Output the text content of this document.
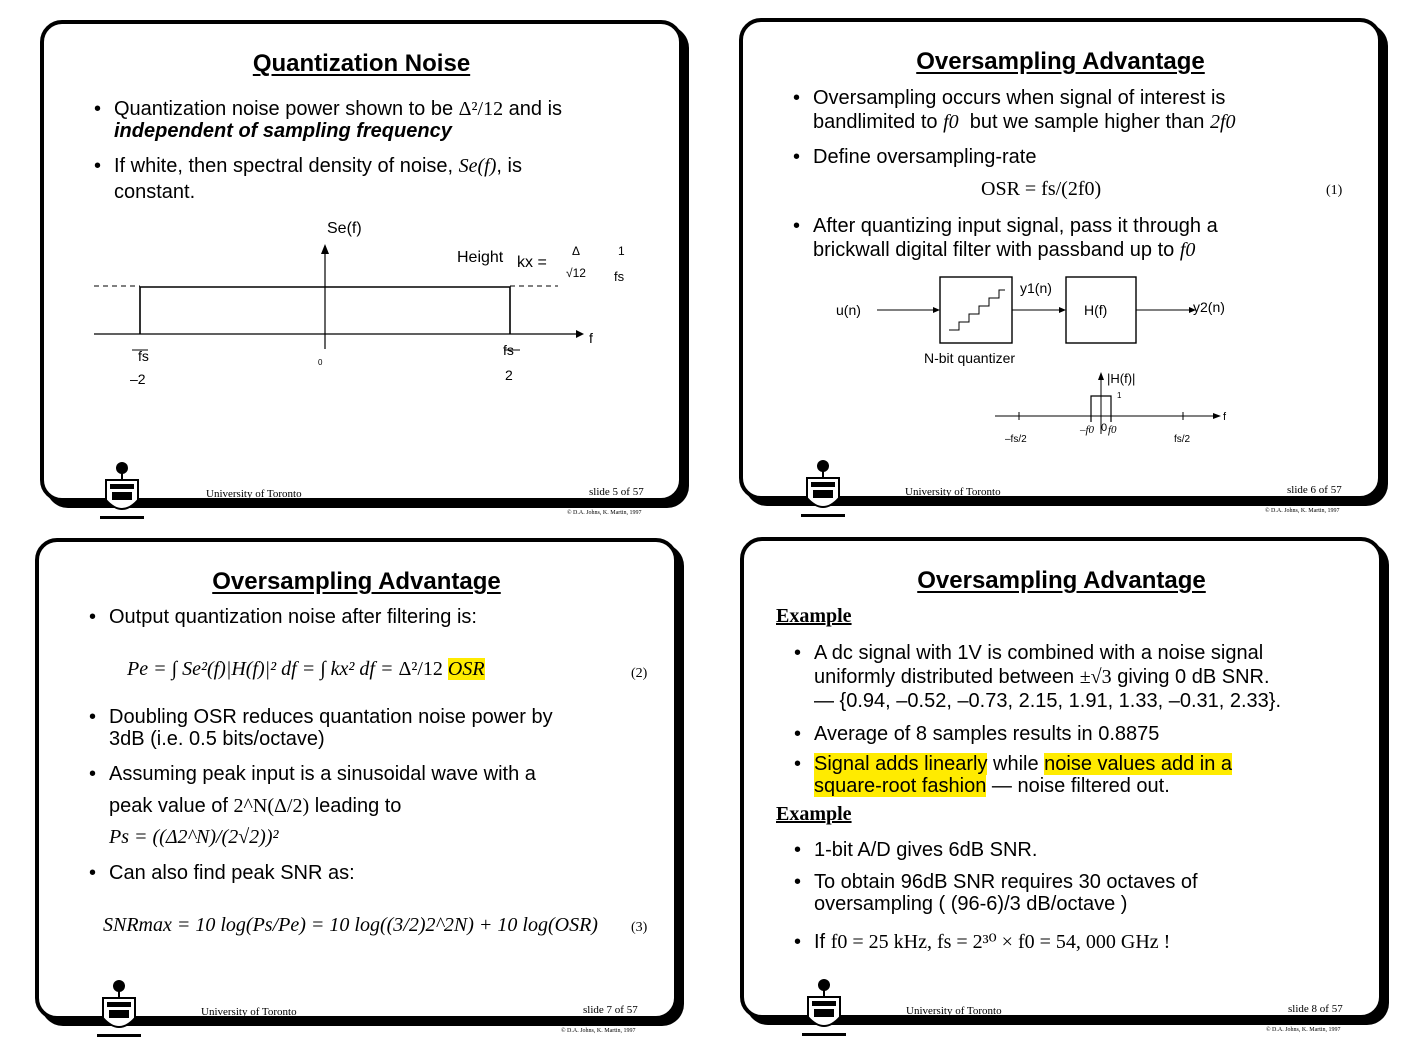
Quantization Noise
• Quantization noise power shown to be Δ²/12 and is
independent of sampling frequency
• If white, then spectral density of noise, Se(f), is
constant.
Se(f)
f
Height kx =
Δ
√12
1
fs
fs
–2
0
fs
2
University of Toronto	slide 5 of 57
© D.A. Johns, K. Martin, 1997
Oversampling Advantage
• Oversampling occurs when signal of interest is
bandlimited to f0 but we sample higher than 2f0
• Define oversampling-rate
OSR = fs/(2f0)	(1)
• After quantizing input signal, pass it through a
brickwall digital filter with passband up to f0
u(n)
y1(n)
H(f)	y2(n)
N-bit quantizer
|H(f)|
1
f
–fs/2
–f0 0 f0
fs/2
University of Toronto	slide 6 of 57
© D.A. Johns, K. Martin, 1997
Oversampling Advantage
• Output quantization noise after filtering is:
Pe = ∫ Se²(f)|H(f)|² df = ∫ kx² df = Δ²/12 OSR	(2)
• Doubling OSR reduces quantation noise power by
3dB (i.e. 0.5 bits/octave)
• Assuming peak input is a sinusoidal wave with a
peak value of 2^N(Δ/2) leading to
Ps = ((Δ2^N)/(2√2))²
• Can also find peak SNR as:
SNRmax = 10 log(Ps/Pe) = 10 log((3/2)2^2N) + 10 log(OSR) (3)
University of Toronto	slide 7 of 57
© D.A. Johns, K. Martin, 1997
Oversampling Advantage
Example
• A dc signal with 1V is combined with a noise signal
uniformly distributed between ±√3 giving 0 dB SNR.
— {0.94, –0.52, –0.73, 2.15, 1.91, 1.33, –0.31, 2.33}.
• Average of 8 samples results in 0.8875
• Signal adds linearly while noise values add in a
square-root fashion — noise filtered out.
Example
• 1-bit A/D gives 6dB SNR.
• To obtain 96dB SNR requires 30 octaves of
oversampling ( (96-6)/3 dB/octave )
• If f0 = 25 kHz, fs = 2³⁰ × f0 = 54, 000 GHz !
University of Toronto	slide 8 of 57
© D.A. Johns, K. Martin, 1997
